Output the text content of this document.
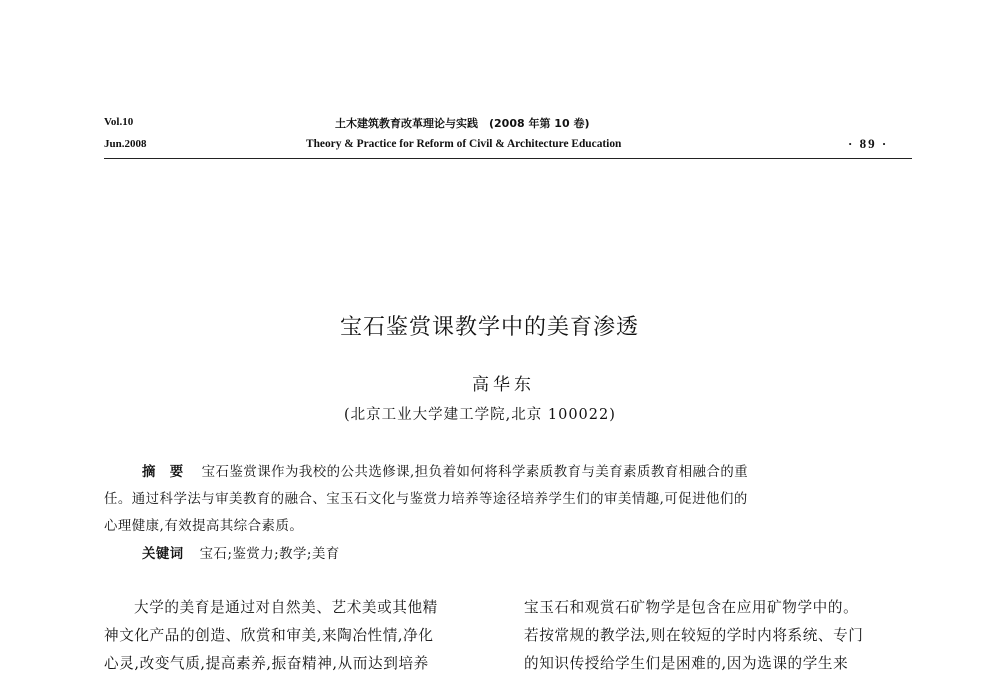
Vol.10
Jun.2008
土木建筑教育改革理论与实践　(2008 年第 10 卷)
Theory & Practice for Reform of Civil & Architecture Education	· 89 ·
宝石鉴赏课教学中的美育渗透
高华东
(北京工业大学建工学院,北京 100022)
摘　要 宝石鉴赏课作为我校的公共选修课,担负着如何将科学素质教育与美育素质教育相融合的重
任。通过科学法与审美教育的融合、宝玉石文化与鉴赏力培养等途径培养学生们的审美情趣,可促进他们的
心理健康,有效提高其综合素质。
关键词 宝石;鉴赏力;教学;美育
大学的美育是通过对自然美、艺术美或其他精
神文化产品的创造、欣赏和审美,来陶冶性情,净化
心灵,改变气质,提高素养,振奋精神,从而达到培养
宝玉石和观赏石矿物学是包含在应用矿物学中的。
若按常规的教学法,则在较短的学时内将系统、专门
的知识传授给学生们是困难的,因为选课的学生来
